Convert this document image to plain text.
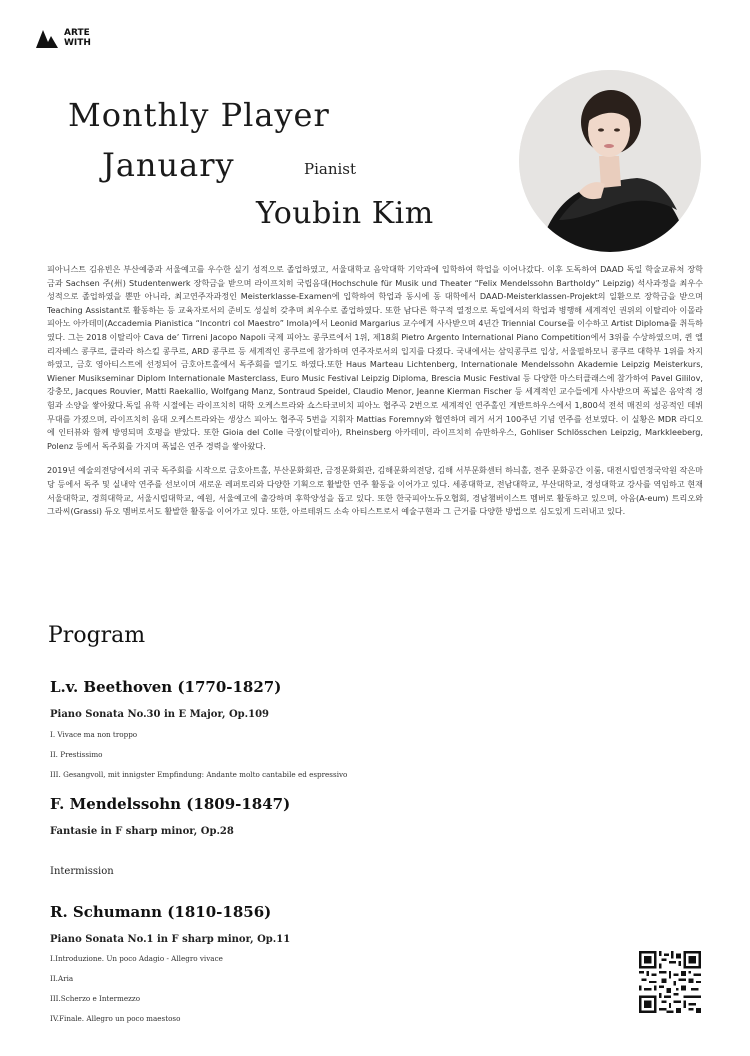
ARTE
WITH
Monthly Player
January	Pianist
Youbin Kim

피아니스트 김유빈은 부산예중과 서울예고를 우수한 실기 성적으로 졸업하였고, 서울대학교 음악대학 기악과에 입학하여 학업을 이어나갔다. 이후 도독하여 DAAD 독일 학술교류처 장학금과 Sachsen 주(州) Studentenwerk 장학금을 받으며 라이프치히 국립음대(Hochschule für Musik und Theater “Felix Mendelssohn Bartholdy” Leipzig) 석사과정을 최우수 성적으로 졸업하였을 뿐만 아니라, 최고연주자과정인 Meisterklasse-Examen에 입학하여 학업과 동시에 동 대학에서 DAAD-Meisterklassen-Projekt의 일환으로 장학금을 받으며 Teaching Assistant로 활동하는 등 교육자로서의 준비도 성실히 갖추며 최우수로 졸업하였다. 또한 남다른 학구적 열정으로 독일에서의 학업과 병행해 세계적인 권위의 이탈리아 이몰라 피아노 아카데미(Accademia Pianistica “Incontri col Maestro” Imola)에서 Leonid Margarius 교수에게 사사받으며 4년간 Triennial Course를 이수하고 Artist Diploma를 취득하였다. 그는 2018 이탈리아 Cava de’ Tirreni Jacopo Napoli 국제 피아노 콩쿠르에서 1위, 제18회 Pietro Argento International Piano Competition에서 3위를 수상하였으며, 퀸 엘리자베스 콩쿠르, 클라라 하스킬 콩쿠르, ARD 콩쿠르 등 세계적인 콩쿠르에 참가하며 연주자로서의 입지를 다졌다. 국내에서는 삼익콩쿠르 입상, 서울필하모니 콩쿠르 대학부 1위를 차지하였고, 금호 영아티스트에 선정되어 금호아트홀에서 독주회를 열기도 하였다.또한 Haus Marteau Lichtenberg, Internationale Mendelssohn Akademie Leipzig Meisterkurs, Wiener Musikseminar Diplom Internationale Masterclass, Euro Music Festival Leipzig Diploma, Brescia Music Festival 등 다양한 마스터클래스에 참가하여 Pavel Gililov, 강충모, Jacques Rouvier, Matti Raekallio, Wolfgang Manz, Sontraud Speidel, Claudio Menor, Jeanne Kierman Fischer 등 세계적인 교수들에게 사사받으며 폭넓은 음악적 경험과 소양을 쌓아왔다.독일 유학 시절에는 라이프치히 대학 오케스트라와 쇼스타코비치 피아노 협주곡 2번으로 세계적인 연주홀인 게반트하우스에서 1,800석 전석 매진의 성공적인 데뷔 무대를 가졌으며, 라이프치히 음대 오케스트라와는 생상스 피아노 협주곡 5번을 지휘자 Mattias Foremny와 협연하며 레거 서거 100주년 기념 연주를 선보였다. 이 실황은 MDR 라디오에 인터뷰와 함께 방영되며 호평을 받았다. 또한 Gioia del Colle 극장(이탈리아), Rheinsberg 아카데미, 라이프치히 슈만하우스, Gohliser Schlösschen Leipzig, Markkleeberg, Polenz 등에서 독주회를 가지며 폭넓은 연주 경력을 쌓아왔다.

2019년 예술의전당에서의 귀국 독주회를 시작으로 금호아트홀, 부산문화회관, 금정문화회관, 김해문화의전당, 김해 서부문화센터 하늬홀, 전주 문화공간 이룸, 대전시립연정국악원 작은마당 등에서 독주 및 실내악 연주를 선보이며 새로운 레퍼토리와 다양한 기획으로 활발한 연주 활동을 이어가고 있다. 세종대학교, 전남대학교, 부산대학교, 경성대학교 강사를 역임하고 현재 서울대학교, 경희대학교, 서울시립대학교, 예원, 서울예고에 출강하며 후학양성을 돕고 있다. 또한 한국피아노듀오협회, 경남챔버이스트 멤버로 활동하고 있으며, 아음(A-eum) 트리오와 그라씨(Grassi) 듀오 멤버로서도 활발한 활동을 이어가고 있다. 또한, 아르테위드 소속 아티스트로서 예술구현과 그 근거를 다양한 방법으로 심도있게 드러내고 있다.

Program
L.v. Beethoven (1770-1827)
Piano Sonata No.30 in E Major, Op.109
I. Vivace ma non troppo
II. Prestissimo
III. Gesangvoll, mit innigster Empfindung: Andante molto cantabile ed espressivo
F. Mendelssohn (1809-1847)
Fantasie in F sharp minor, Op.28
Intermission
R. Schumann (1810-1856)
Piano Sonata No.1 in F sharp minor, Op.11
I.Introduzione. Un poco Adagio - Allegro vivace
II.Aria
III.Scherzo e Intermezzo
IV.Finale. Allegro un poco maestoso
